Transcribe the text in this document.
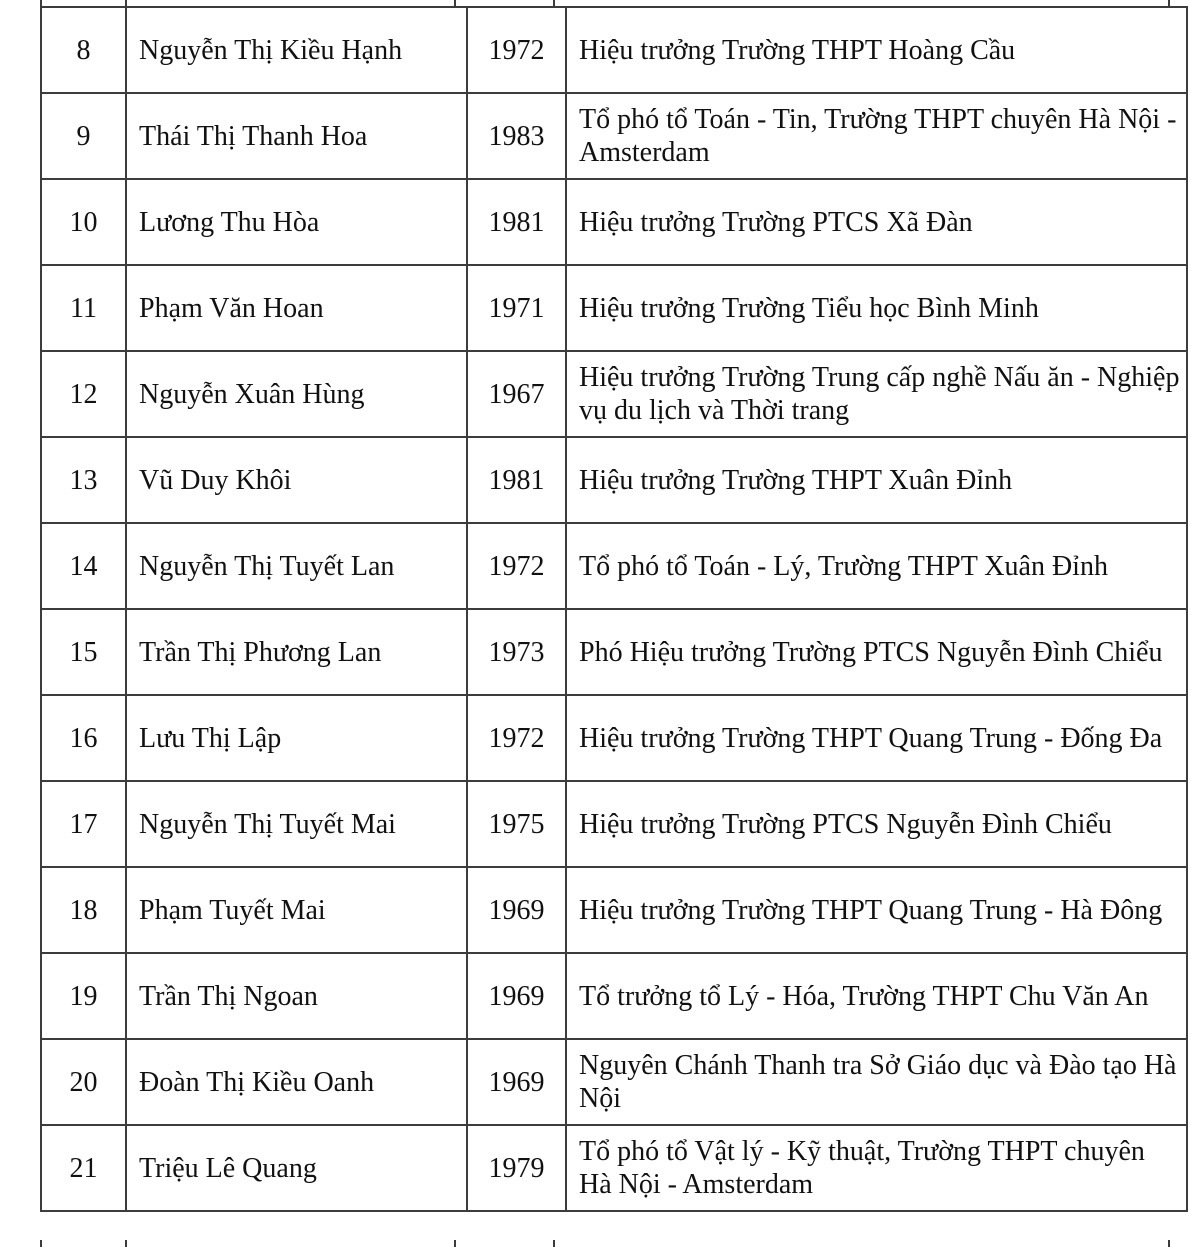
8	Nguyễn Thị Kiều Hạnh	1972	Hiệu trưởng Trường THPT Hoàng Cầu
9	Thái Thị Thanh Hoa	1983	Tổ phó tổ Toán - Tin, Trường THPT chuyên Hà Nội - Amsterdam
10	Lương Thu Hòa	1981	Hiệu trưởng Trường PTCS Xã Đàn
11	Phạm Văn Hoan	1971	Hiệu trưởng Trường Tiểu học Bình Minh
12	Nguyễn Xuân Hùng	1967	Hiệu trưởng Trường Trung cấp nghề Nấu ăn - Nghiệp vụ du lịch và Thời trang
13	Vũ Duy Khôi	1981	Hiệu trưởng Trường THPT Xuân Đỉnh
14	Nguyễn Thị Tuyết Lan	1972	Tổ phó tổ Toán - Lý, Trường THPT Xuân Đỉnh
15	Trần Thị Phương Lan	1973	Phó Hiệu trưởng Trường PTCS Nguyễn Đình Chiểu
16	Lưu Thị Lập	1972	Hiệu trưởng Trường THPT Quang Trung - Đống Đa
17	Nguyễn Thị Tuyết Mai	1975	Hiệu trưởng Trường PTCS Nguyễn Đình Chiểu
18	Phạm Tuyết Mai	1969	Hiệu trưởng Trường THPT Quang Trung - Hà Đông
19	Trần Thị Ngoan	1969	Tổ trưởng tổ Lý - Hóa, Trường THPT Chu Văn An
20	Đoàn Thị Kiều Oanh	1969	Nguyên Chánh Thanh tra Sở Giáo dục và Đào tạo Hà Nội
21	Triệu Lê Quang	1979	Tổ phó tổ Vật lý - Kỹ thuật, Trường THPT chuyên Hà Nội - Amsterdam
